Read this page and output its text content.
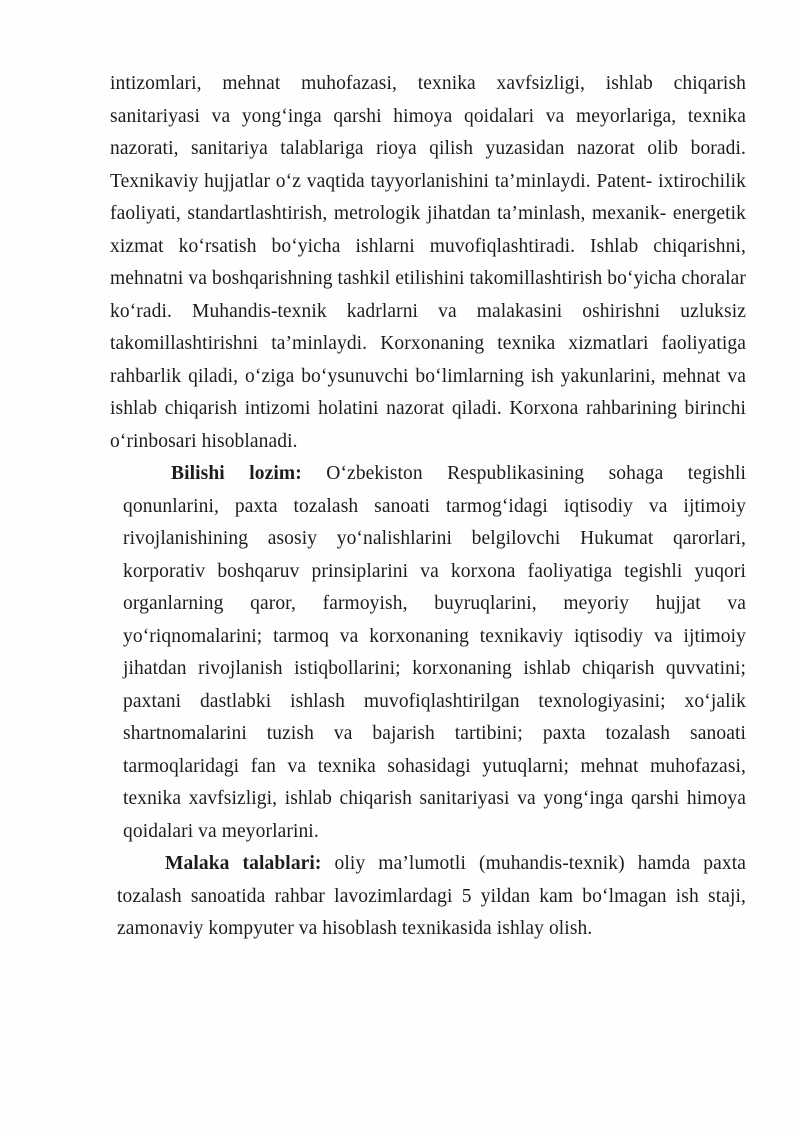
intizomlari, mehnat muhofazasi, texnika xavfsizligi, ishlab chiqarish sanitariyasi va yong‘inga qarshi himoya qoidalari va meyorlariga, texnika nazorati, sanitariya talablariga rioya qilish yuzasidan nazorat olib boradi. Texnikaviy hujjatlar o‘z vaqtida tayyorlanishini ta’minlaydi. Patent- ixtirochilik faoliyati, standartlashtirish, metrologik jihatdan ta’minlash, mexanik- energetik xizmat ko‘rsatish bo‘yicha ishlarni muvofiqlashtiradi. Ishlab chiqarishni, mehnatni va boshqarishning tashkil etilishini takomillashtirish bo‘yicha choralar ko‘radi. Muhandis-texnik kadrlarni va malakasini oshirishni uzluksiz takomillashtirishni ta’minlaydi. Korxonaning texnika xizmatlari faoliyatiga rahbarlik qiladi, o‘ziga bo‘ysunuvchi bo‘limlarning ish yakunlarini, mehnat va ishlab chiqarish intizomi holatini nazorat qiladi. Korxona rahbarining birinchi o‘rinbosari hisoblanadi.

Bilishi lozim: O‘zbekiston Respublikasining sohaga tegishli qonunlarini, paxta tozalash sanoati tarmog‘idagi iqtisodiy va ijtimoiy rivojlanishining asosiy yo‘nalishlarini belgilovchi Hukumat qarorlari, korporativ boshqaruv prinsiplarini va korxona faoliyatiga tegishli yuqori organlarning qaror, farmoyish, buyruqlarini, meyoriy hujjat va yo‘riqnomalarini; tarmoq va korxonaning texnikaviy iqtisodiy va ijtimoiy jihatdan rivojlanish istiqbollarini; korxonaning ishlab chiqarish quvvatini; paxtani dastlabki ishlash muvofiqlashtirilgan texnologiyasini; xo‘jalik shartnomalarini tuzish va bajarish tartibini; paxta tozalash sanoati tarmoqlaridagi fan va texnika sohasidagi yutuqlarni; mehnat muhofazasi, texnika xavfsizligi, ishlab chiqarish sanitariyasi va yong‘inga qarshi himoya qoidalari va meyorlarini.

Malaka talablari: oliy ma’lumotli (muhandis-texnik) hamda paxta tozalash sanoatida rahbar lavozimlardagi 5 yildan kam bo‘lmagan ish staji, zamonaviy kompyuter va hisoblash texnikasida ishlay olish.
